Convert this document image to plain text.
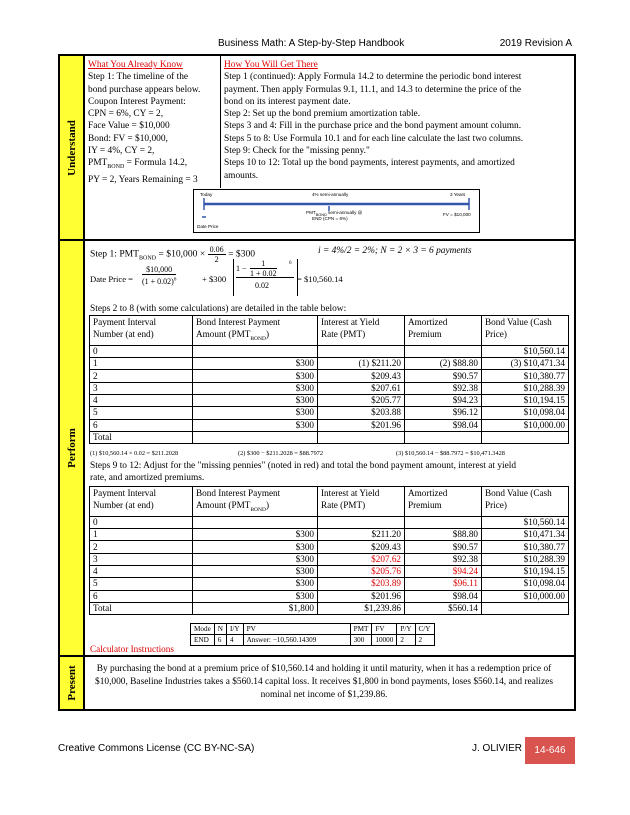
Business Math: A Step-by-Step Handbook	2019 Revision A
Understand
What You Already Know
Step 1: The timeline of the
bond purchase appears below.
Coupon Interest Payment:
CPN = 6%, CY = 2,
Face Value = $10,000
Bond: FV = $10,000,
IY = 4%, CY = 2,
$PMT_{BOND}$ = Formula 14.2,
PY = 2, Years Remaining = 3
How You Will Get There
Step 1 (continued): Apply Formula 14.2 to determine the periodic bond interest
payment. Then apply Formulas 9.1, 11.1, and 14.3 to determine the price of the
bond on its interest payment date.
Step 2: Set up the bond premium amortization table.
Steps 3 and 4: Fill in the purchase price and the bond payment amount column.
Steps 5 to 8: Use Formula 10.1 and for each line calculate the last two columns.
Step 9: Check for the "missing penny."
Steps 10 to 12: Total up the bond payments, interest payments, and amortized
amounts.
Today	4% semi-annually	3 Years
$PMT_{BOND}$ semi-annually @
END (CPN = 6%)
FV = $10,000
Date Price
Perform
Step 1: $PMT_{BOND}$ = $10,000 × $\frac{0.06}{2}$ = $300	i = 4%/2 = 2%; N = 2 × 3 = 6 payments
Date Price = $\frac{\$10,000}{(1 + 0.02)^6}$	+ $300
$1 - \frac{1}{1 + 0.02} 6$
0.02
= $10,560.14
Steps 2 to 8 (with some calculations) are detailed in the table below:
Payment Interval
Number (at end)	Bond Interest Payment
Amount $(PMT_{BOND})$	Interest at Yield
Rate (PMT)	Amortized
Premium	Bond Value (Cash
Price)
0				$10,560.14
1	$300	(1) $211.20	(2) $88.80	(3) $10,471.34
2	$300	$209.43	$90.57	$10,380.77
3	$300	$207.61	$92.38	$10,288.39
4	$300	$205.77	$94.23	$10,194.15
5	$300	$203.88	$96.12	$10,098.04
6	$300	$201.96	$98.04	$10,000.00
Total				
(1) $10,560.14 × 0.02 = $211.2028	(2) $300 − $211.2028 = $88.7972	(3) $10,560.14 − $88.7972 = $10,471.3428
Steps 9 to 12: Adjust for the "missing pennies" (noted in red) and total the bond payment amount, interest at yield
rate, and amortized premiums.
Payment Interval
Number (at end)	Bond Interest Payment
Amount $(PMT_{BOND})$	Interest at Yield
Rate (PMT)	Amortized
Premium	Bond Value (Cash
Price)
0				$10,560.14
1	$300	$211.20	$88.80	$10,471.34
2	$300	$209.43	$90.57	$10,380.77
3	$300	$207.62	$92.38	$10,288.39
4	$300	$205.76	$94.24	$10,194.15
5	$300	$203.89	$96.11	$10,098.04
6	$300	$201.96	$98.04	$10,000.00
Total	$1,800	$1,239.86	$560.14	
Mode	N	I/Y	PV	PMT	FV	P/Y	C/Y
END	6	4	Answer: −10,560.14309	300	10000	2	2
Calculator Instructions
Present By purchasing the bond at a premium price of $10,560.14 and holding it until maturity, when it has a redemption price of $10,000, Baseline Industries takes a $560.14 capital loss. It receives $1,800 in bond payments, loses $560.14, and realizes nominal net income of $1,239.86.
Creative Commons License (CC BY-NC-SA)	J. OLIVIER	14-646
